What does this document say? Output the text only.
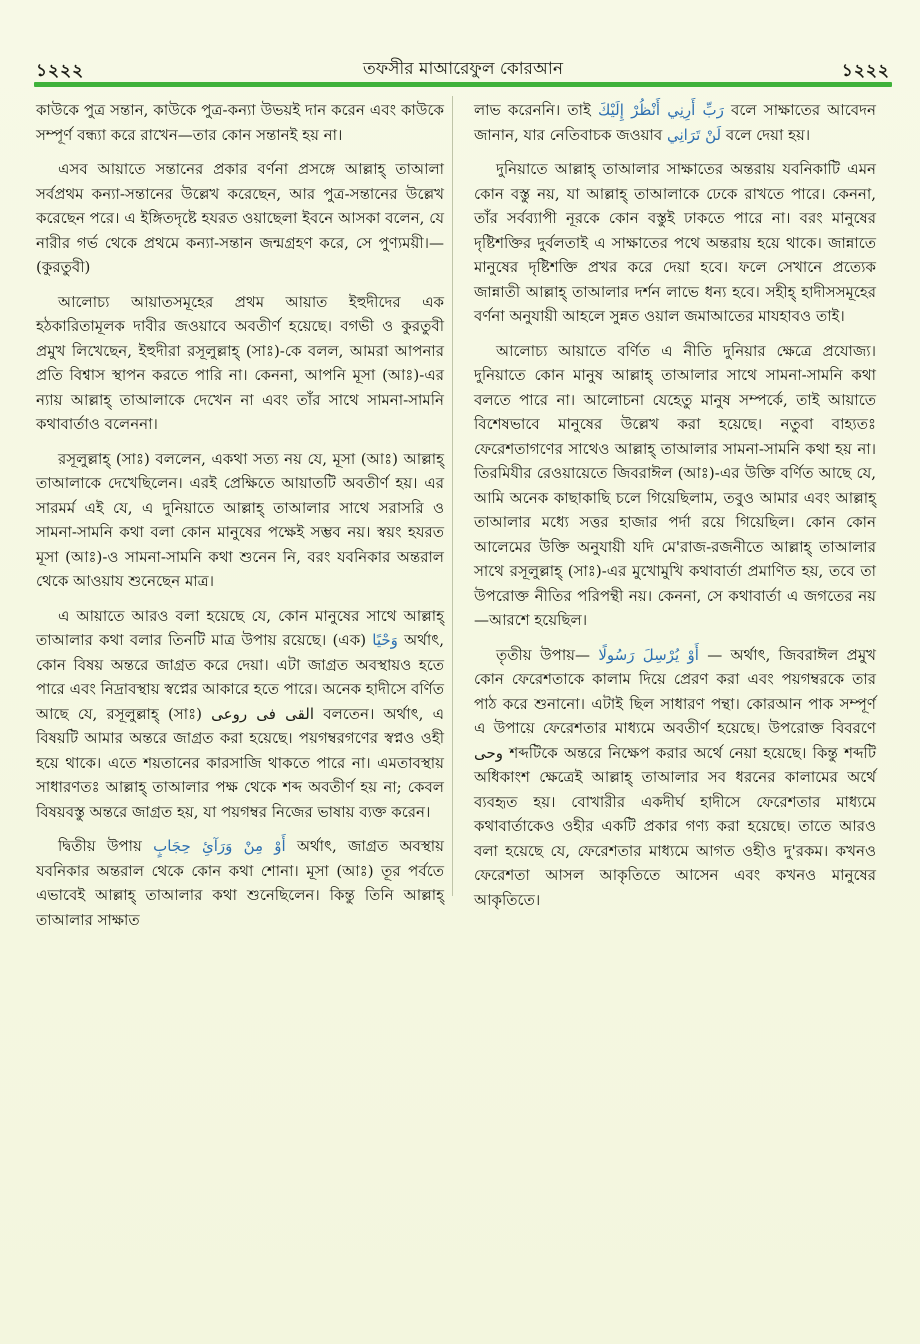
১২২২	তফসীর মাআরেফুল কোরআন	১২২২

কাউকে পুত্র সন্তান, কাউকে পুত্র-কন্যা উভয়ই দান করেন এবং কাউকে সম্পূর্ণ বন্ধ্যা করে রাখেন—তার কোন সন্তানই হয় না।

এসব আয়াতে সন্তানের প্রকার বর্ণনা প্রসঙ্গে আল্লাহ্ তাআলা সর্বপ্রথম কন্যা-সন্তানের উল্লেখ করেছেন, আর পুত্র-সন্তানের উল্লেখ করেছেন পরে। এ ইঙ্গিতদৃষ্টে হযরত ওয়াছেলা ইবনে আসকা বলেন, যে নারীর গর্ভ থেকে প্রথমে কন্যা-সন্তান জন্মগ্রহণ করে, সে পুণ্যময়ী।—(কুরতুবী)

আলোচ্য আয়াতসমূহের প্রথম আয়াত ইহুদীদের এক হঠকারিতামূলক দাবীর জওয়াবে অবতীর্ণ হয়েছে। বগভী ও কুরতুবী প্রমুখ লিখেছেন, ইহুদীরা রসূলুল্লাহ্ (সাঃ)-কে বলল, আমরা আপনার প্রতি বিশ্বাস স্থাপন করতে পারি না। কেননা, আপনি মূসা (আঃ)-এর ন্যায় আল্লাহ্ তাআলাকে দেখেন না এবং তাঁর সাথে সামনা-সামনি কথাবার্তাও বলেননা।

রসূলুল্লাহ্ (সাঃ) বললেন, একথা সত্য নয় যে, মূসা (আঃ) আল্লাহ্ তাআলাকে দেখেছিলেন। এরই প্রেক্ষিতে আয়াতটি অবতীর্ণ হয়। এর সারমর্ম এই যে, এ দুনিয়াতে আল্লাহ্ তাআলার সাথে সরাসরি ও সামনা-সামনি কথা বলা কোন মানুষের পক্ষেই সম্ভব নয়। স্বয়ং হযরত মূসা (আঃ)-ও সামনা-সামনি কথা শুনেন নি, বরং যবনিকার অন্তরাল থেকে আওয়ায শুনেছেন মাত্র।

এ আয়াতে আরও বলা হয়েছে যে, কোন মানুষের সাথে আল্লাহ্ তাআলার কথা বলার তিনটি মাত্র উপায় রয়েছে। (এক) وَحْيًا অর্থাৎ, কোন বিষয় অন্তরে জাগ্রত করে দেয়া। এটা জাগ্রত অবস্থায়ও হতে পারে এবং নিদ্রাবস্থায় স্বপ্নের আকারে হতে পারে। অনেক হাদীসে বর্ণিত আছে যে, রসূলুল্লাহ্ (সাঃ) القى فى روعى বলতেন। অর্থাৎ, এ বিষয়টি আমার অন্তরে জাগ্রত করা হয়েছে। পয়গম্বরগণের স্বপ্নও ওহী হয়ে থাকে। এতে শয়তানের কারসাজি থাকতে পারে না। এমতাবস্থায় সাধারণতঃ আল্লাহ্ তাআলার পক্ষ থেকে শব্দ অবতীর্ণ হয় না; কেবল বিষয়বস্তু অন্তরে জাগ্রত হয়, যা পয়গম্বর নিজের ভাষায় ব্যক্ত করেন।

দ্বিতীয় উপায় أَوْ مِنْ وَرَآئِ حِجَابٍ অর্থাৎ, জাগ্রত অবস্থায় যবনিকার অন্তরাল থেকে কোন কথা শোনা। মূসা (আঃ) তূর পর্বতে এভাবেই আল্লাহ্ তাআলার কথা শুনেছিলেন। কিন্তু তিনি আল্লাহ্ তাআলার সাক্ষাত

লাভ করেননি। তাই رَبِّ أَرِنِي أَنْظُرْ إِلَيْكَ বলে সাক্ষাতের আবেদন জানান, যার নেতিবাচক জওয়াব لَنْ تَرَانِي বলে দেয়া হয়।

দুনিয়াতে আল্লাহ্ তাআলার সাক্ষাতের অন্তরায় যবনিকাটি এমন কোন বস্তু নয়, যা আল্লাহ্ তাআলাকে ঢেকে রাখতে পারে। কেননা, তাঁর সর্বব্যাপী নূরকে কোন বস্তুই ঢাকতে পারে না। বরং মানুষের দৃষ্টিশক্তির দুর্বলতাই এ সাক্ষাতের পথে অন্তরায় হয়ে থাকে। জান্নাতে মানুষের দৃষ্টিশক্তি প্রখর করে দেয়া হবে। ফলে সেখানে প্রত্যেক জান্নাতী আল্লাহ্ তাআলার দর্শন লাভে ধন্য হবে। সহীহ্ হাদীসসমূহের বর্ণনা অনুযায়ী আহলে সুন্নত ওয়াল জমাআতের মাযহাবও তাই।

আলোচ্য আয়াতে বর্ণিত এ নীতি দুনিয়ার ক্ষেত্রে প্রযোজ্য। দুনিয়াতে কোন মানুষ আল্লাহ্ তাআলার সাথে সামনা-সামনি কথা বলতে পারে না। আলোচনা যেহেতু মানুষ সম্পর্কে, তাই আয়াতে বিশেষভাবে মানুষের উল্লেখ করা হয়েছে। নতুবা বাহ্যতঃ ফেরেশতাগণের সাথেও আল্লাহ্ তাআলার সামনা-সামনি কথা হয় না। তিরমিযীর রেওয়ায়েতে জিবরাঈল (আঃ)-এর উক্তি বর্ণিত আছে যে, আমি অনেক কাছাকাছি চলে গিয়েছিলাম, তবুও আমার এবং আল্লাহ্ তাআলার মধ্যে সত্তর হাজার পর্দা রয়ে গিয়েছিল। কোন কোন আলেমের উক্তি অনুযায়ী যদি মে'রাজ-রজনীতে আল্লাহ্ তাআলার সাথে রসূলুল্লাহ্ (সাঃ)-এর মুখোমুখি কথাবার্তা প্রমাণিত হয়, তবে তা উপরোক্ত নীতির পরিপন্থী নয়। কেননা, সে কথাবার্তা এ জগতের নয়—আরশে হয়েছিল।

তৃতীয় উপায়— أَوْ يُرْسِلَ رَسُولًا — অর্থাৎ, জিবরাঈল প্রমুখ কোন ফেরেশতাকে কালাম দিয়ে প্রেরণ করা এবং পয়গম্বরকে তার পাঠ করে শুনানো। এটাই ছিল সাধারণ পন্থা। কোরআন পাক সম্পূর্ণ এ উপায়ে ফেরেশতার মাধ্যমে অবতীর্ণ হয়েছে। উপরোক্ত বিবরণে وحى শব্দটিকে অন্তরে নিক্ষেপ করার অর্থে নেয়া হয়েছে। কিন্তু শব্দটি অধিকাংশ ক্ষেত্রেই আল্লাহ্ তাআলার সব ধরনের কালামের অর্থে ব্যবহৃত হয়। বোখারীর একদীর্ঘ হাদীসে ফেরেশতার মাধ্যমে কথাবার্তাকেও ওহীর একটি প্রকার গণ্য করা হয়েছে। তাতে আরও বলা হয়েছে যে, ফেরেশতার মাধ্যমে আগত ওহীও দু'রকম। কখনও ফেরেশতা আসল আকৃতিতে আসেন এবং কখনও মানুষের আকৃতিতে।
